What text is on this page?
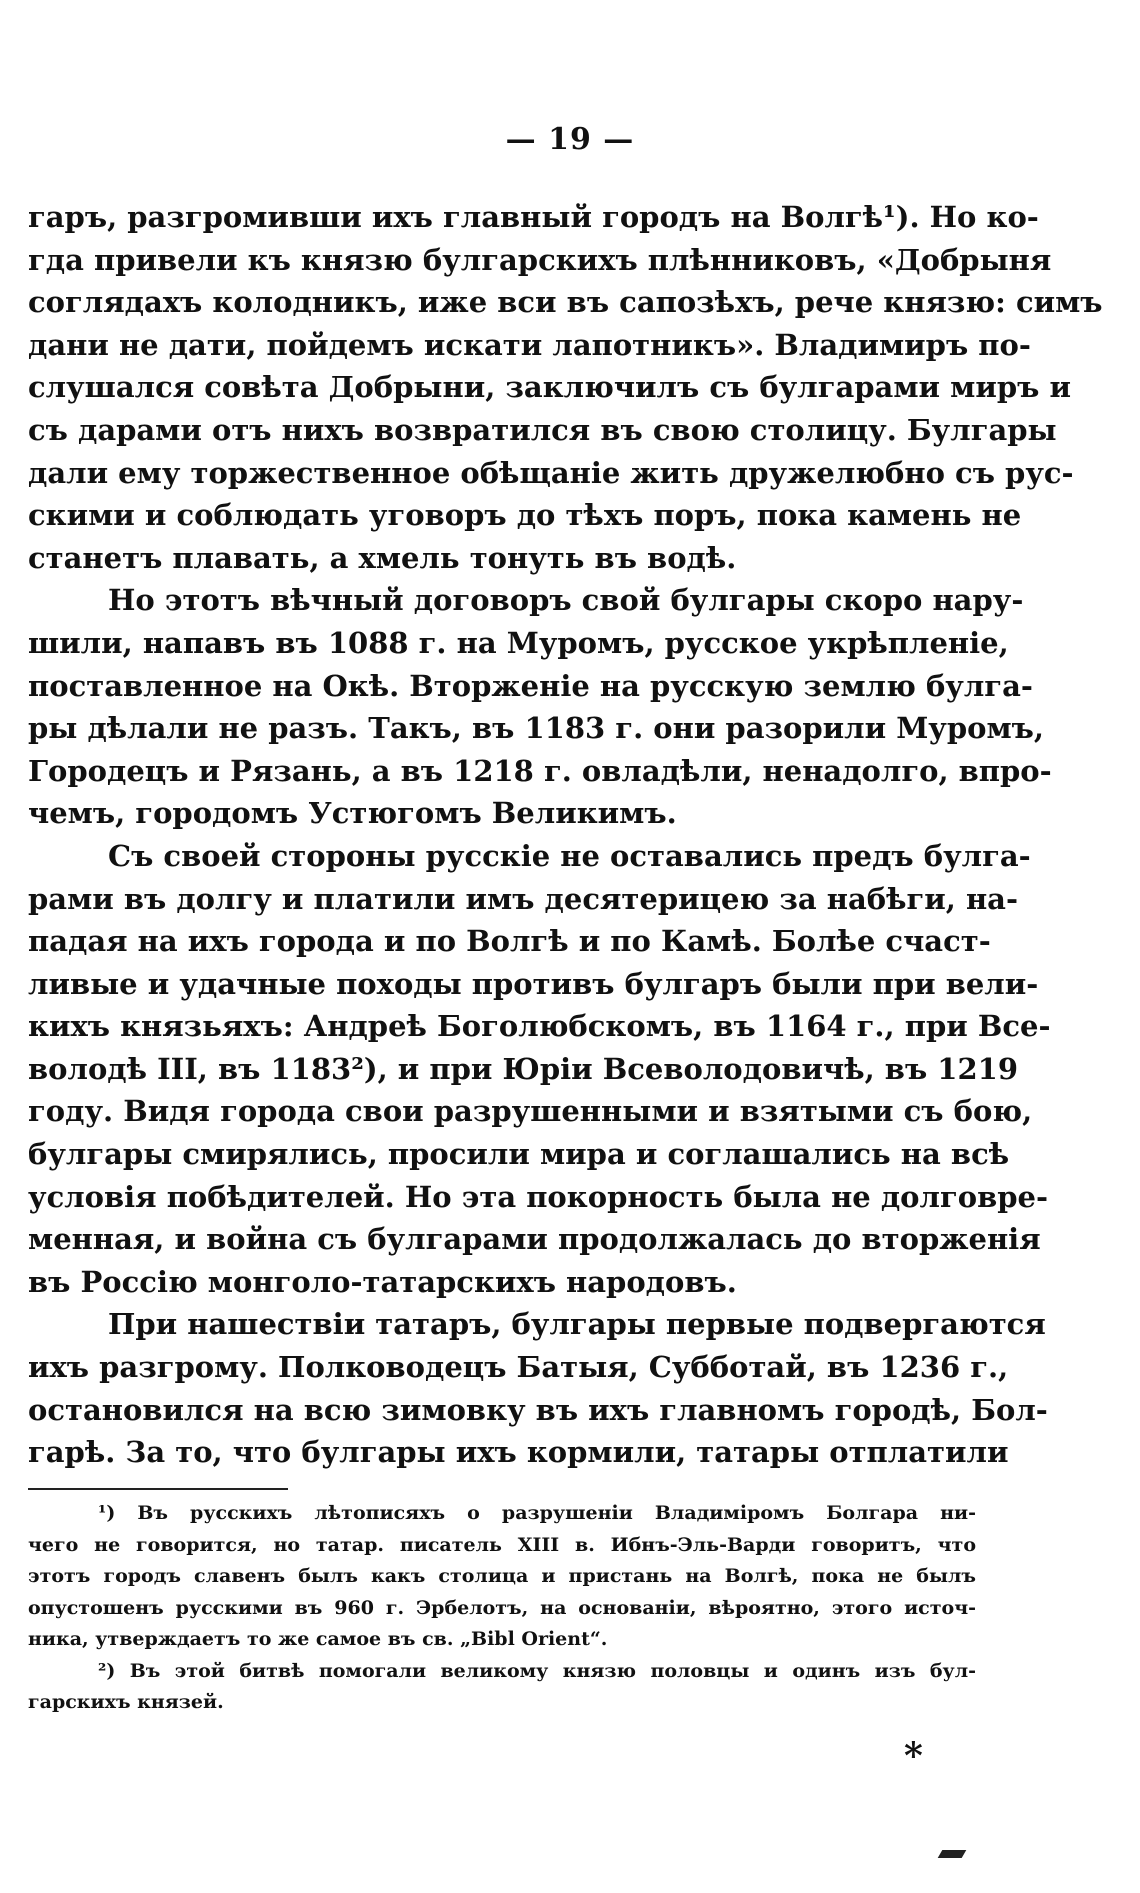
— 19 —
гаръ, разгромивши ихъ главный городъ на Волгѣ¹). Но ко-
гда привели къ князю булгарскихъ плѣнниковъ, «Добрыня
соглядахъ колодникъ, иже вси въ сапозѣхъ, рече князю: симъ
дани не дати, пойдемъ искати лапотникъ». Владимиръ по-
слушался совѣта Добрыни, заключилъ съ булгарами миръ и
съ дарами отъ нихъ возвратился въ свою столицу. Булгары
дали ему торжественное обѣщаніе жить дружелюбно съ рус-
скими и соблюдать уговоръ до тѣхъ поръ, пока камень не
станетъ плавать, а хмель тонуть въ водѣ.
Но этотъ вѣчный договоръ свой булгары скоро нару-
шили, напавъ въ 1088 г. на Муромъ, русское укрѣпленіе,
поставленное на Окѣ. Вторженіе на русскую землю булга-
ры дѣлали не разъ. Такъ, въ 1183 г. они разорили Муромъ,
Городецъ и Рязань, а въ 1218 г. овладѣли, ненадолго, впро-
чемъ, городомъ Устюгомъ Великимъ.
Съ своей стороны русскіе не оставались предъ булга-
рами въ долгу и платили имъ десятерицею за набѣги, на-
падая на ихъ города и по Волгѣ и по Камѣ. Болѣе счаст-
ливые и удачные походы противъ булгаръ были при вели-
кихъ князьяхъ: Андреѣ Боголюбскомъ, въ 1164 г., при Все-
володѣ III, въ 1183²), и при Юріи Всеволодовичѣ, въ 1219
году. Видя города свои разрушенными и взятыми съ бою,
булгары смирялись, просили мира и соглашались на всѣ
условія побѣдителей. Но эта покорность была не долговре-
менная, и война съ булгарами продолжалась до вторженія
въ Россію монголо-татарскихъ народовъ.
При нашествіи татаръ, булгары первые подвергаются
ихъ разгрому. Полководецъ Батыя, Субботай, въ 1236 г.,
остановился на всю зимовку въ ихъ главномъ городѣ, Бол-
гарѣ. За то, что булгары ихъ кормили, татары отплатили
¹) Въ русскихъ лѣтописяхъ о разрушеніи Владиміромъ Болгара ни-
чего не говорится, но татар. писатель XIII в. Ибнъ-Эль-Варди говоритъ, что
этотъ городъ славенъ былъ какъ столица и пристань на Волгѣ, пока не былъ
опустошенъ русскими въ 960 г. Эрбелотъ, на основаніи, вѣроятно, этого источ-
ника, утверждаетъ то же самое въ св. „Bibl Orient“.
²) Въ этой битвѣ помогали великому князю половцы и одинъ изъ бул-
гарскихъ князей.
*
